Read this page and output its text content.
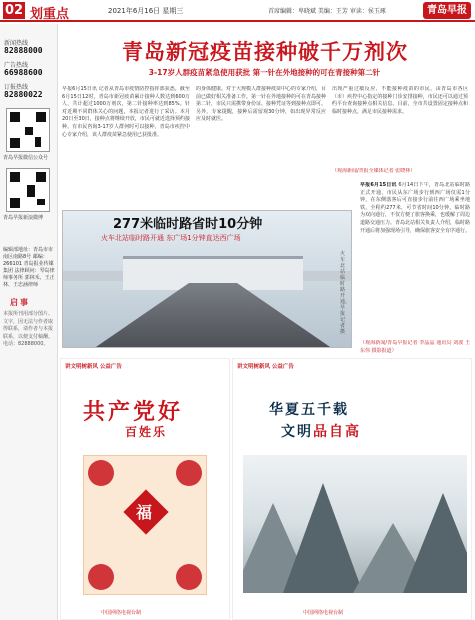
02 划重点	2021年6月16日 星期三	首席编辑：卑晓斌 美编：王芳 审读：侯玉琢	青岛早报
新闻热线
82888000
广告热线
66988600
订报热线
82880022
青岛早报微信公众号
青岛早报新浪微博
编辑部地址：青岛市市南区南路8号 邮编：266101 青岛报业传媒集团 法律顾问：琴岛律师事务所 郭林禾、王正林、王忠涵律师
启事
本报所刊用部分图片、文字，因无法与作者取得联系，请作者与本报联系，以便支付稿酬。电话：82888000。
青岛新冠疫苗接种破千万剂次
3-17岁人群疫苗紧急使用获批 第一针在外地接种的可在青接种第二针
早报6月15日讯 记者从青岛市疫情防控指挥部获悉，截至6月15日12时，青岛市新冠疫苗累计接种人数达到600万人，共计超过1000万剂次，第二针接种率达到85%。针对近期不同群体关心的问题，本报记者进行了采访。本月20日至30日，接种点将继续开放，市民可就近选择预约接种。有市民咨询3-17岁人群何时可以接种，青岛市疾控中心专家介绍，该人群疫苗紧急使用已获批准。
的身体健康。对于大规模人群接种疫苗中心的专家介绍，目前已做好相关准备工作。第一针在外地接种的可在青岛接种第二针，市民只需携带身份证、接种凭证等到接种点即可。另外，专家提醒，接种后需留观30分钟，如出现异常反应应及时就医。
出现严重过敏反应、不能接种疫苗的市民，由青岛市各区（市）疾控中心指定的接种门诊安排接种，市民还可以通过预约平台查询接种点相关信息。目前，全市共设置固定接种点和临时接种点，满足市民接种需求。
（观海新闻/青报全媒体记者 张晓林）
277米临时路省时10分钟
火车北站临时路开通 东广场1分钟直达西广场
火车北站临时路开通。早报记者摄
早报6月15日讯 6月14日下午，青岛北站临时路正式开通，市民从东广场步行到西广场仅需1分钟，在东侧落客后可直接步行前往西广场乘坐地铁，全程约277米，可节省时间10分钟。临时路为双向通行，不仅方便了旅客换乘，也缓解了周边道路交通压力。青岛北站相关负责人介绍，临时路开通后将加强现场引导，确保旅客安全有序通行。
（观海新闻/青岛早报记者 李晶晶 通讯员 刘波 王东伟 摄影报道）
讲文明树新风 公益广告
共产党好
百姓乐
福
中国网络电视台制
讲文明树新风 公益广告
华夏五千载
文明品自高
中国网络电视台制
